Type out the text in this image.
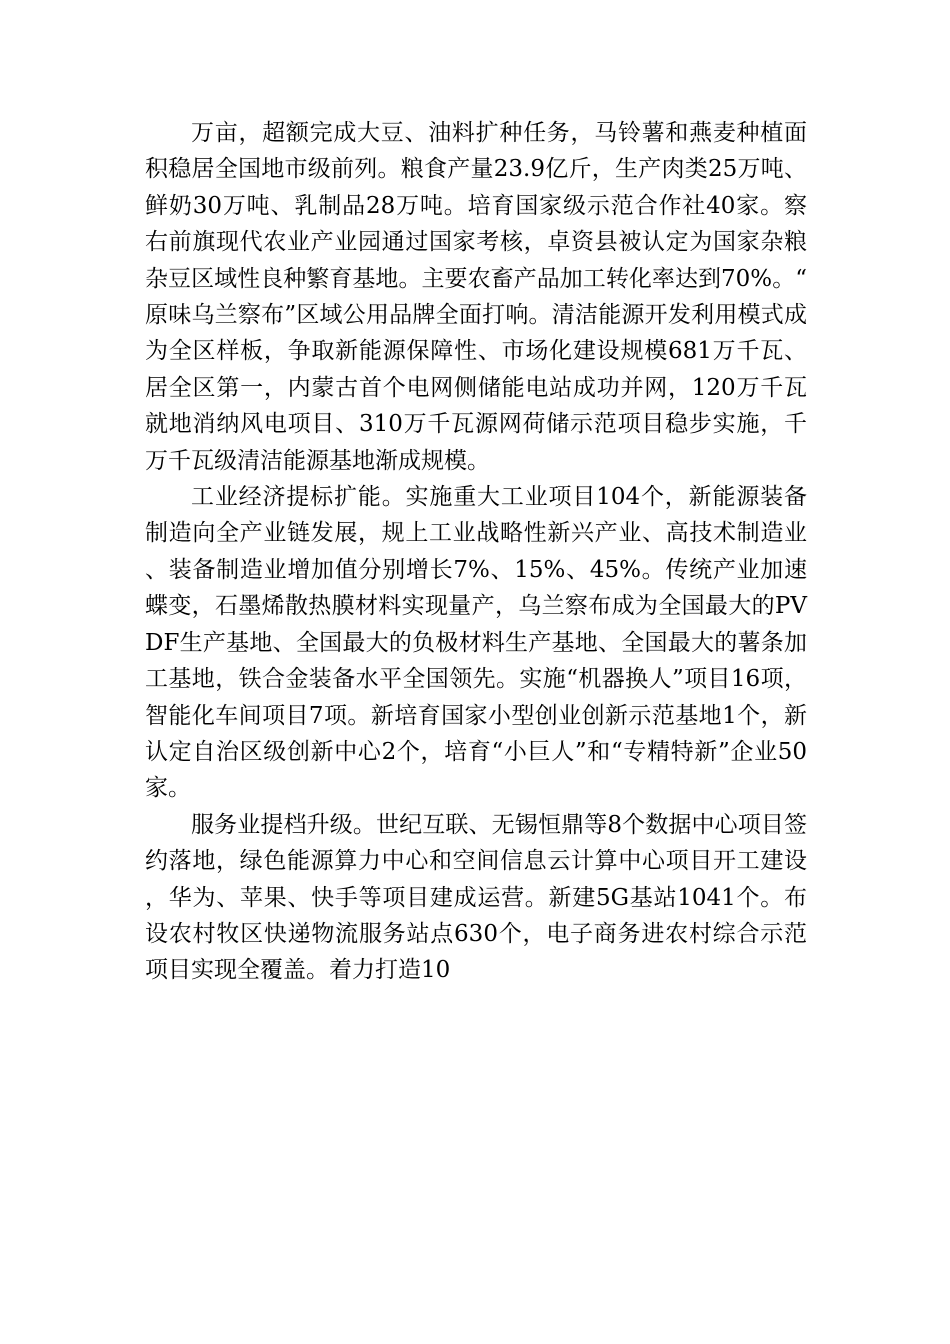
万亩，超额完成大豆、油料扩种任务，马铃薯和燕麦种植面积稳居全国地市级前列。粮食产量23.9亿斤，生产肉类25万吨、鲜奶30万吨、乳制品28万吨。培育国家级示范合作社40家。察右前旗现代农业产业园通过国家考核，卓资县被认定为国家杂粮杂豆区域性良种繁育基地。主要农畜产品加工转化率达到70%。“原味乌兰察布”区域公用品牌全面打响。清洁能源开发利用模式成为全区样板，争取新能源保障性、市场化建设规模681万千瓦、居全区第一，内蒙古首个电网侧储能电站成功并网，120万千瓦就地消纳风电项目、310万千瓦源网荷储示范项目稳步实施，千万千瓦级清洁能源基地渐成规模。

工业经济提标扩能。实施重大工业项目104个，新能源装备制造向全产业链发展，规上工业战略性新兴产业、高技术制造业、装备制造业增加值分别增长7%、15%、45%。传统产业加速蝶变，石墨烯散热膜材料实现量产，乌兰察布成为全国最大的PVDF生产基地、全国最大的负极材料生产基地、全国最大的薯条加工基地，铁合金装备水平全国领先。实施“机器换人”项目16项，智能化车间项目7项。新培育国家小型创业创新示范基地1个，新认定自治区级创新中心2个，培育“小巨人”和“专精特新”企业50家。

服务业提档升级。世纪互联、无锡恒鼎等8个数据中心项目签约落地，绿色能源算力中心和空间信息云计算中心项目开工建设，华为、苹果、快手等项目建成运营。新建5G基站1041个。布设农村牧区快递物流服务站点630个，电子商务进农村综合示范项目实现全覆盖。着力打造10
